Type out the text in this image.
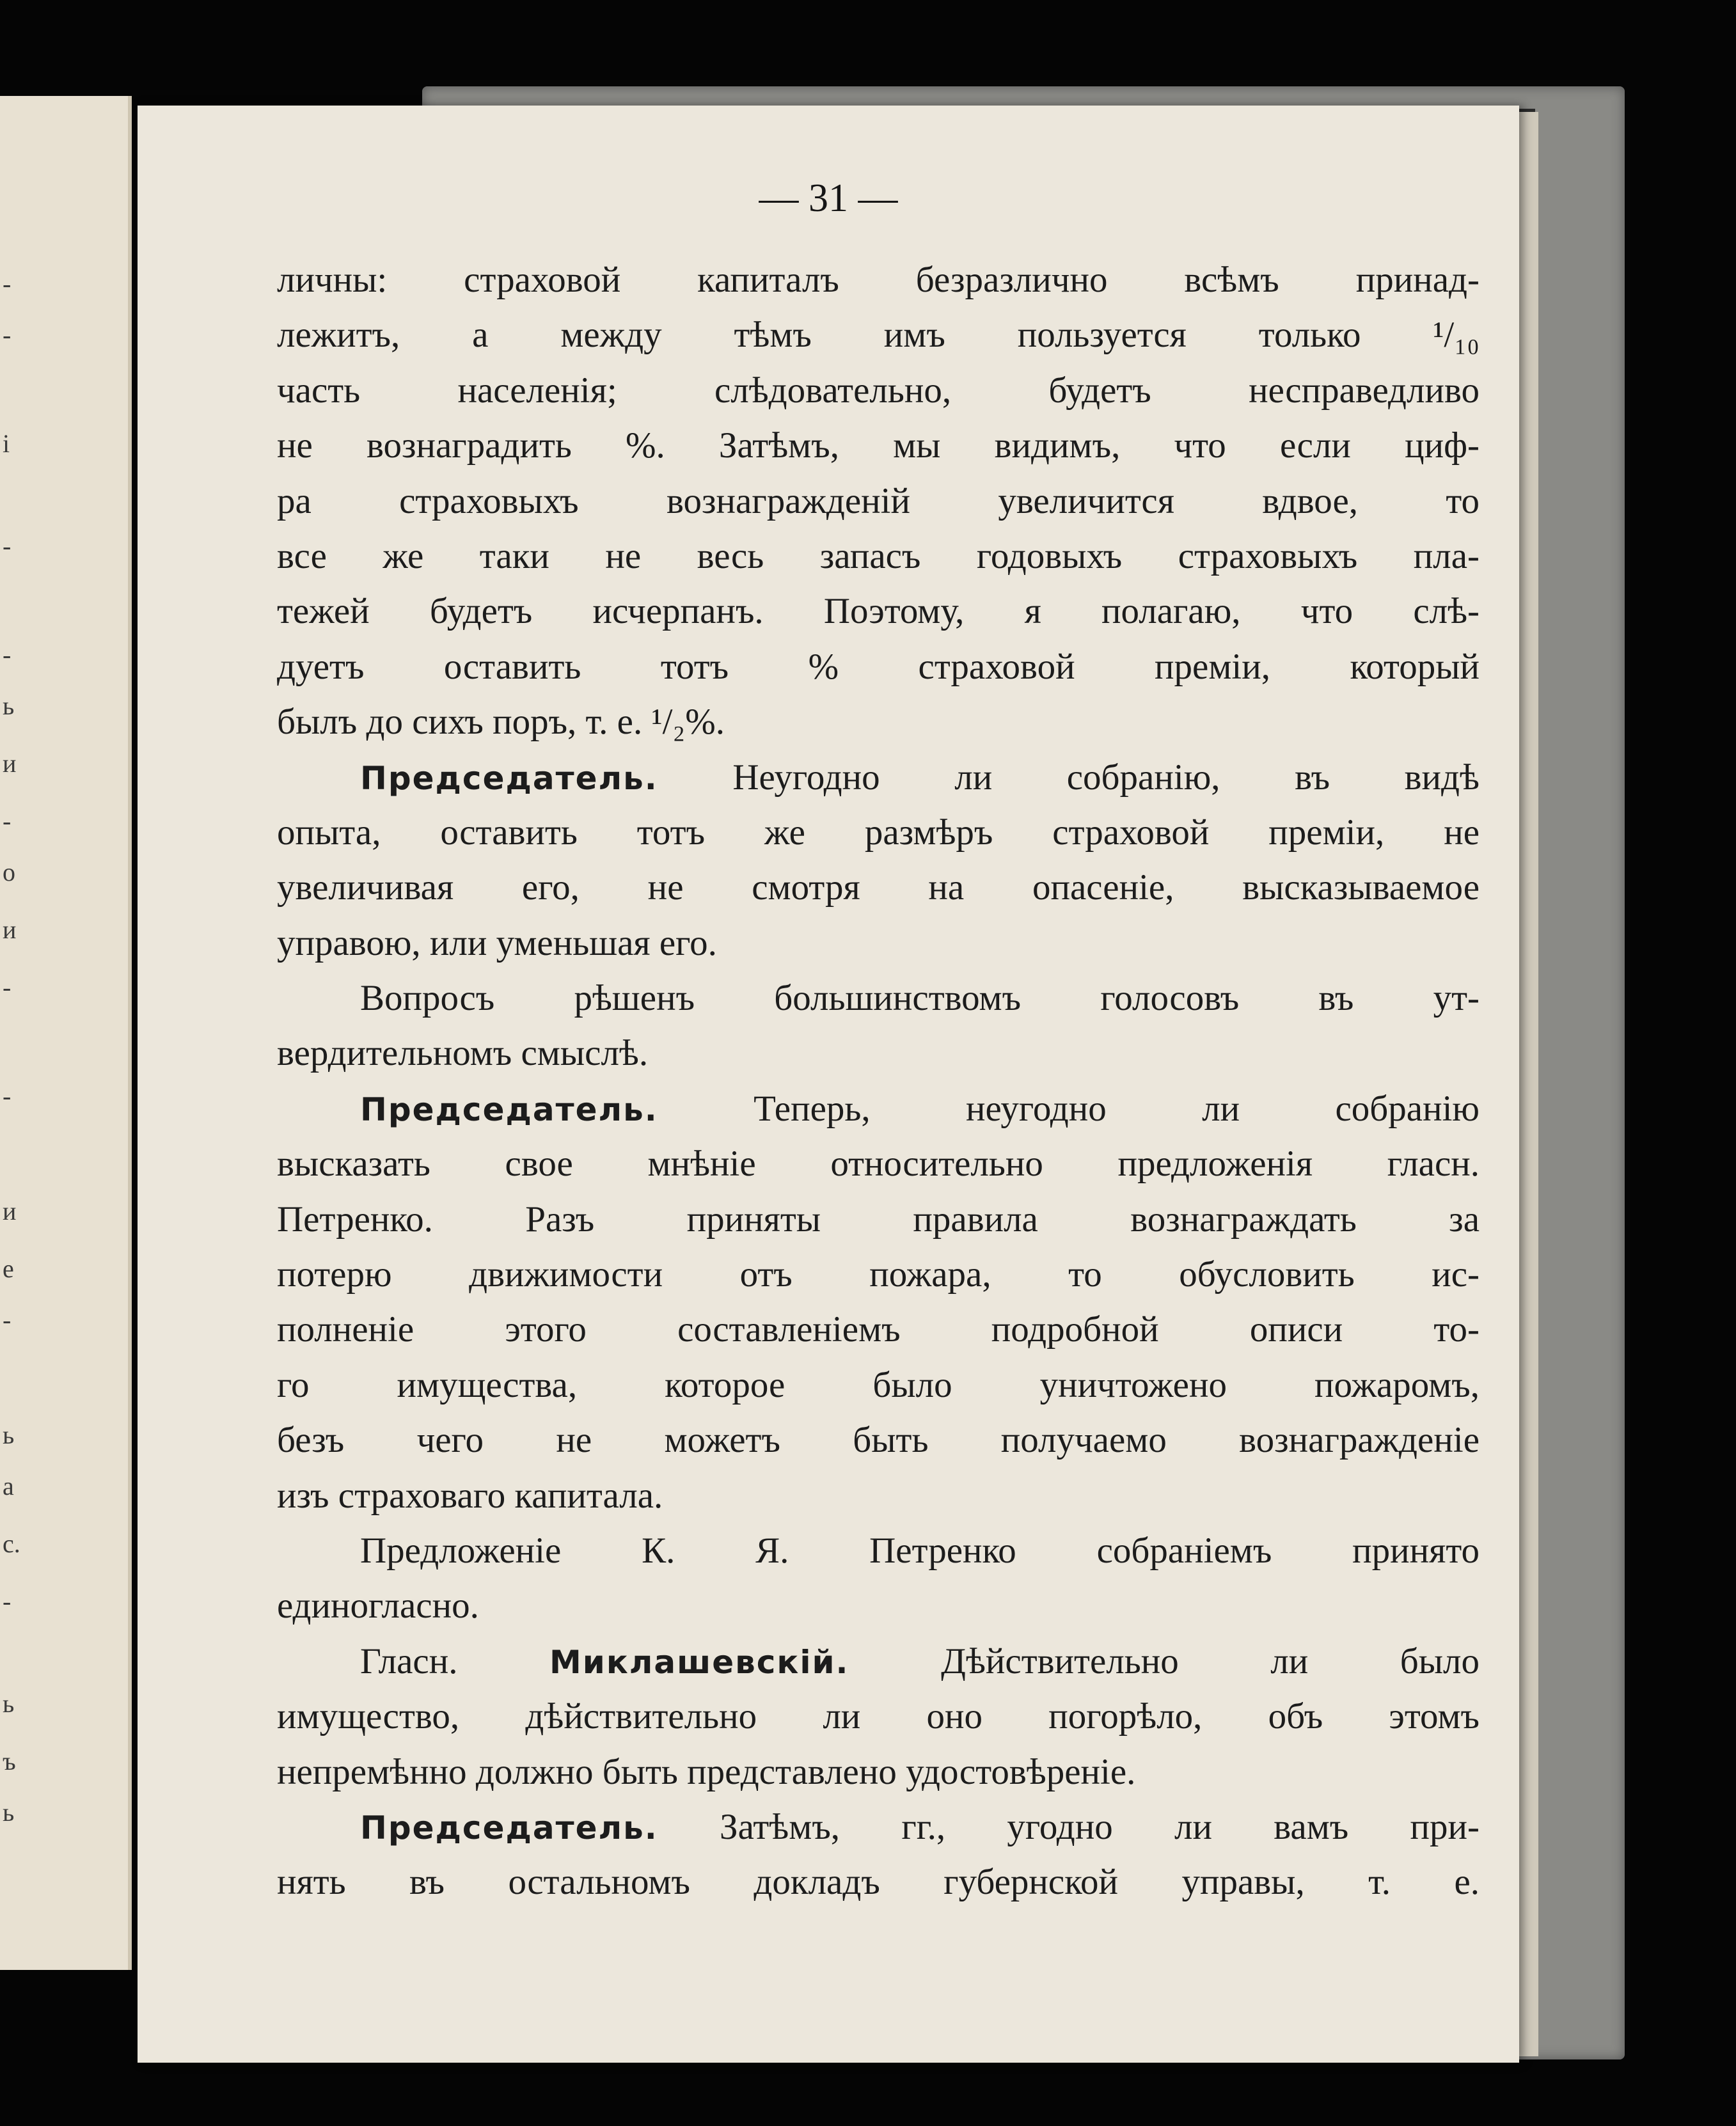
-
-
i
-
-
ь
и
-
о
и
-
-
и
е
-
ь
а
с.
-
ь
ъ
ь
— 31 —
личны: страховой капиталъ безразлично всѣмъ принад-
лежитъ, а между тѣмъ имъ пользуется только ¹/₁₀
часть населенія; слѣдовательно, будетъ несправедливо
не вознаградить %. Затѣмъ, мы видимъ, что если циф-
ра страховыхъ вознагражденій увеличится вдвое, то
все же таки не весь запасъ годовыхъ страховыхъ пла-
тежей будетъ исчерпанъ. Поэтому, я полагаю, что слѣ-
дуетъ оставить тотъ % страховой преміи, который
былъ до сихъ поръ, т. е. ¹/₂%.
Председатель. Неугодно ли собранію, въ видѣ
опыта, оставить тотъ же размѣръ страховой преміи, не
увеличивая его, не смотря на опасеніе, высказываемое
управою, или уменьшая его.
Вопросъ рѣшенъ большинствомъ голосовъ въ ут-
вердительномъ смыслѣ.
Председатель.	Теперь, неугодно ли собранію
высказать свое мнѣніе относительно предложенія гласн.
Петренко. Разъ приняты правила вознаграждать за
потерю движимости отъ пожара, то обусловить ис-
полненіе этого составленіемъ подробной описи то-
го имущества, которое было уничтожено пожаромъ,
безъ чего не можетъ быть получаемо вознагражденіе
изъ страховаго капитала.
Предложеніе К. Я. Петренко собраніемъ принято
единогласно.
Гласн.	Миклашевскій.	Дѣйствительно ли было
имущество, дѣйствительно ли оно погорѣло, объ этомъ
непремѣнно должно быть представлено удостовѣреніе.
Председатель. Затѣмъ, гг., угодно ли вамъ при-
нять въ остальномъ докладъ губернской управы, т. е.
